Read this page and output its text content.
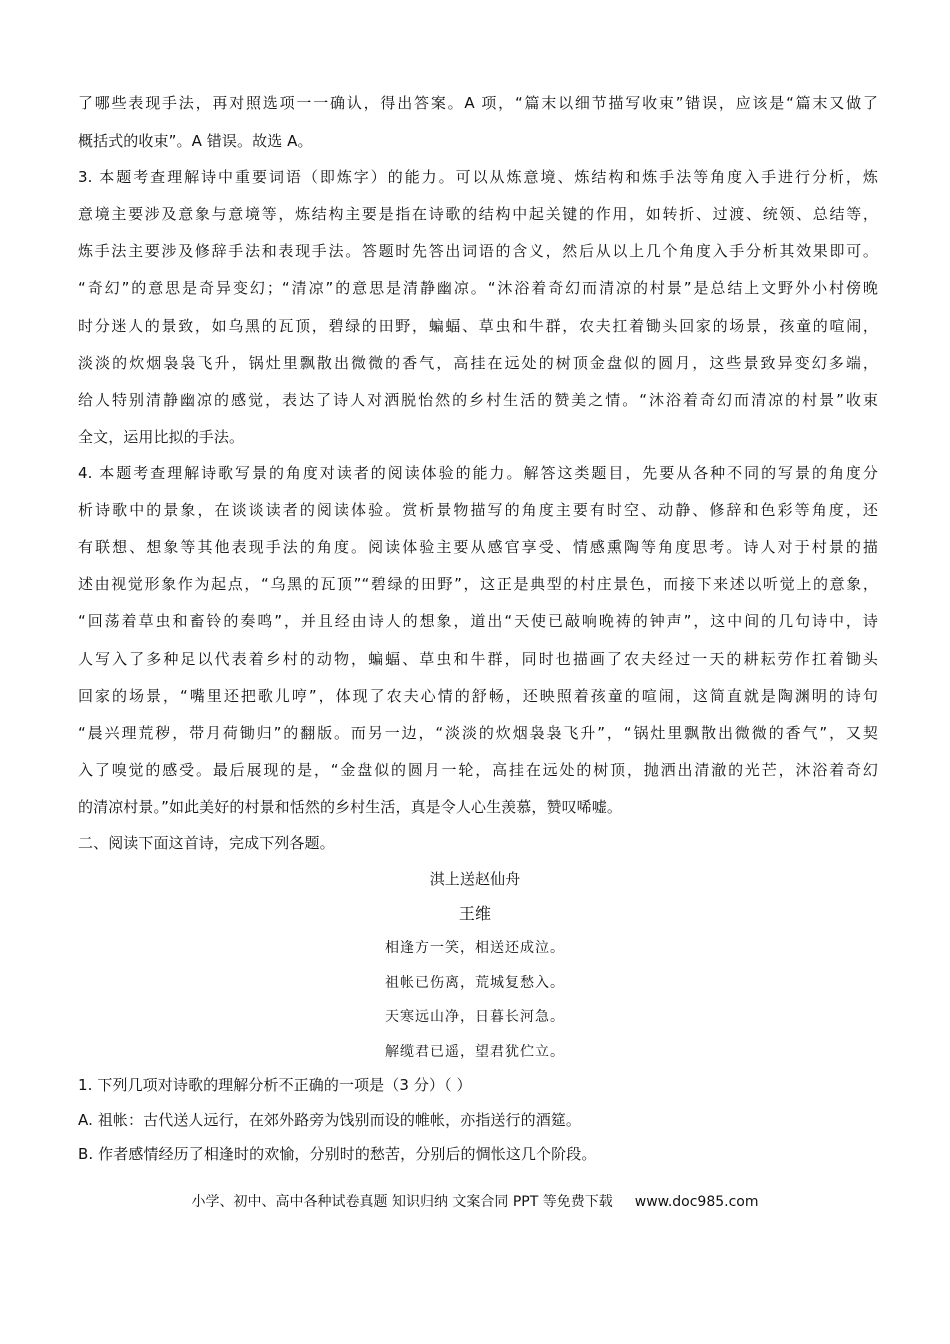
了哪些表现手法，再对照选项一一确认，得出答案。A 项，“篇末以细节描写收束”错误，应该是“篇末又做了
概括式的收束”。A 错误。故选 A。
3. 本题考查理解诗中重要词语（即炼字）的能力。可以从炼意境、炼结构和炼手法等角度入手进行分析，炼
意境主要涉及意象与意境等，炼结构主要是指在诗歌的结构中起关键的作用，如转折、过渡、统领、总结等，
炼手法主要涉及修辞手法和表现手法。答题时先答出词语的含义，然后从以上几个角度入手分析其效果即可。
“奇幻”的意思是奇异变幻；“清凉”的意思是清静幽凉。“沐浴着奇幻而清凉的村景”是总结上文野外小村傍晚
时分迷人的景致，如乌黑的瓦顶，碧绿的田野，蝙蝠、草虫和牛群，农夫扛着锄头回家的场景，孩童的喧闹，
淡淡的炊烟袅袅飞升，锅灶里飘散出微微的香气，高挂在远处的树顶金盘似的圆月，这些景致异变幻多端，
给人特别清静幽凉的感觉，表达了诗人对洒脱怡然的乡村生活的赞美之情。“沐浴着奇幻而清凉的村景”收束
全文，运用比拟的手法。
4. 本题考查理解诗歌写景的角度对读者的阅读体验的能力。解答这类题目，先要从各种不同的写景的角度分
析诗歌中的景象，在谈谈读者的阅读体验。赏析景物描写的角度主要有时空、动静、修辞和色彩等角度，还
有联想、想象等其他表现手法的角度。阅读体验主要从感官享受、情感熏陶等角度思考。诗人对于村景的描
述由视觉形象作为起点，“乌黑的瓦顶”“碧绿的田野”，这正是典型的村庄景色，而接下来述以听觉上的意象，
“回荡着草虫和畜铃的奏鸣”，并且经由诗人的想象，道出“天使已敲响晚祷的钟声”，这中间的几句诗中，诗
人写入了多种足以代表着乡村的动物，蝙蝠、草虫和牛群，同时也描画了农夫经过一天的耕耘劳作扛着锄头
回家的场景，“嘴里还把歌儿哼”，体现了农夫心情的舒畅，还映照着孩童的喧闹，这简直就是陶渊明的诗句
“晨兴理荒秽，带月荷锄归”的翻版。而另一边，“淡淡的炊烟袅袅飞升”，“锅灶里飘散出微微的香气”，又契
入了嗅觉的感受。最后展现的是，“金盘似的圆月一轮，高挂在远处的树顶，抛洒出清澈的光芒，沐浴着奇幻
的清凉村景。”如此美好的村景和恬然的乡村生活，真是令人心生羡慕，赞叹唏嘘。
二、阅读下面这首诗，完成下列各题。
淇上送赵仙舟
王维
相逢方一笑，相送还成泣。
祖帐已伤离，荒城复愁入。
天寒远山净，日暮长河急。
解缆君已遥，望君犹伫立。
1. 下列几项对诗歌的理解分析不正确的一项是（3 分）（ ）
A. 祖帐：古代送人远行，在郊外路旁为饯别而设的帷帐，亦指送行的酒筵。
B. 作者感情经历了相逢时的欢愉，分别时的愁苦，分别后的惆怅这几个阶段。
小学、初中、高中各种试卷真题 知识归纳 文案合同 PPT 等免费下载 www.doc985.com
